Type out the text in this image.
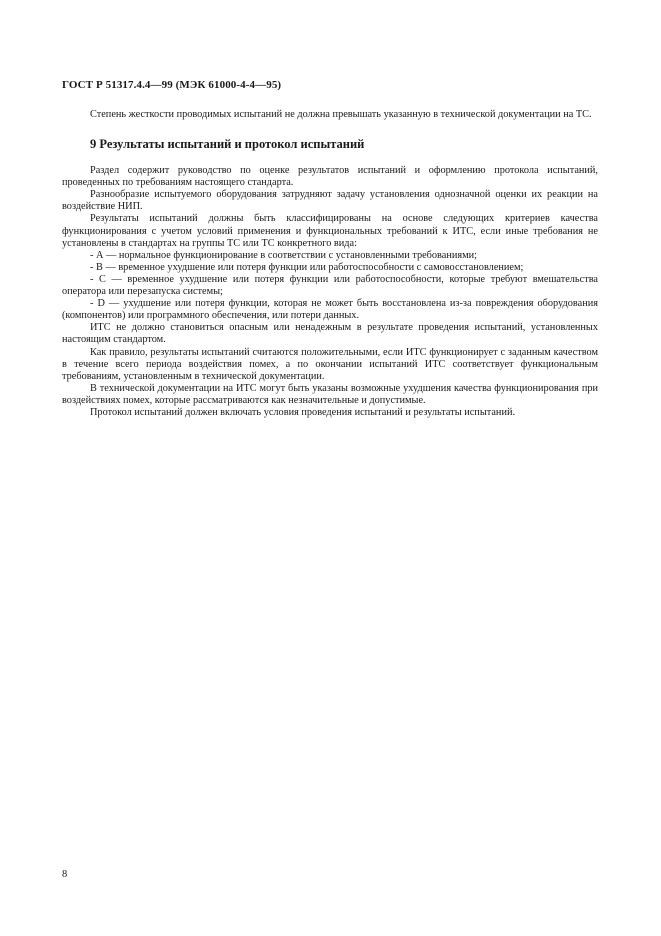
ГОСТ Р 51317.4.4—99 (МЭК 61000-4-4—95)

Степень жесткости проводимых испытаний не должна превышать указанную в технической документации на ТС.

9 Результаты испытаний и протокол испытаний

Раздел содержит руководство по оценке результатов испытаний и оформлению протокола испытаний, проведенных по требованиям настоящего стандарта.

Разнообразие испытуемого оборудования затрудняют задачу установления однозначной оценки их реакции на воздействие НИП.

Результаты испытаний должны быть классифицированы на основе следующих критериев качества функционирования с учетом условий применения и функциональных требований к ИТС, если иные требования не установлены в стандартах на группы ТС или ТС конкретного вида:

- А — нормальное функционирование в соответствии с установленными требованиями;

- В — временное ухудшение или потеря функции или работоспособности с самовосстановлением;

- С — временное ухудшение или потеря функции или работоспособности, которые требуют вмешательства оператора или перезапуска системы;

- D — ухудшение или потеря функции, которая не может быть восстановлена из-за повреждения оборудования (компонентов) или программного обеспечения, или потери данных.

ИТС не должно становиться опасным или ненадежным в результате проведения испытаний, установленных настоящим стандартом.

Как правило, результаты испытаний считаются положительными, если ИТС функционирует с заданным качеством в течение всего периода воздействия помех, а по окончании испытаний ИТС соответствует функциональным требованиям, установленным в технической документации.

В технической документации на ИТС могут быть указаны возможные ухудшения качества функционирования при воздействиях помех, которые рассматриваются как незначительные и допустимые.

Протокол испытаний должен включать условия проведения испытаний и результаты испытаний.

8
